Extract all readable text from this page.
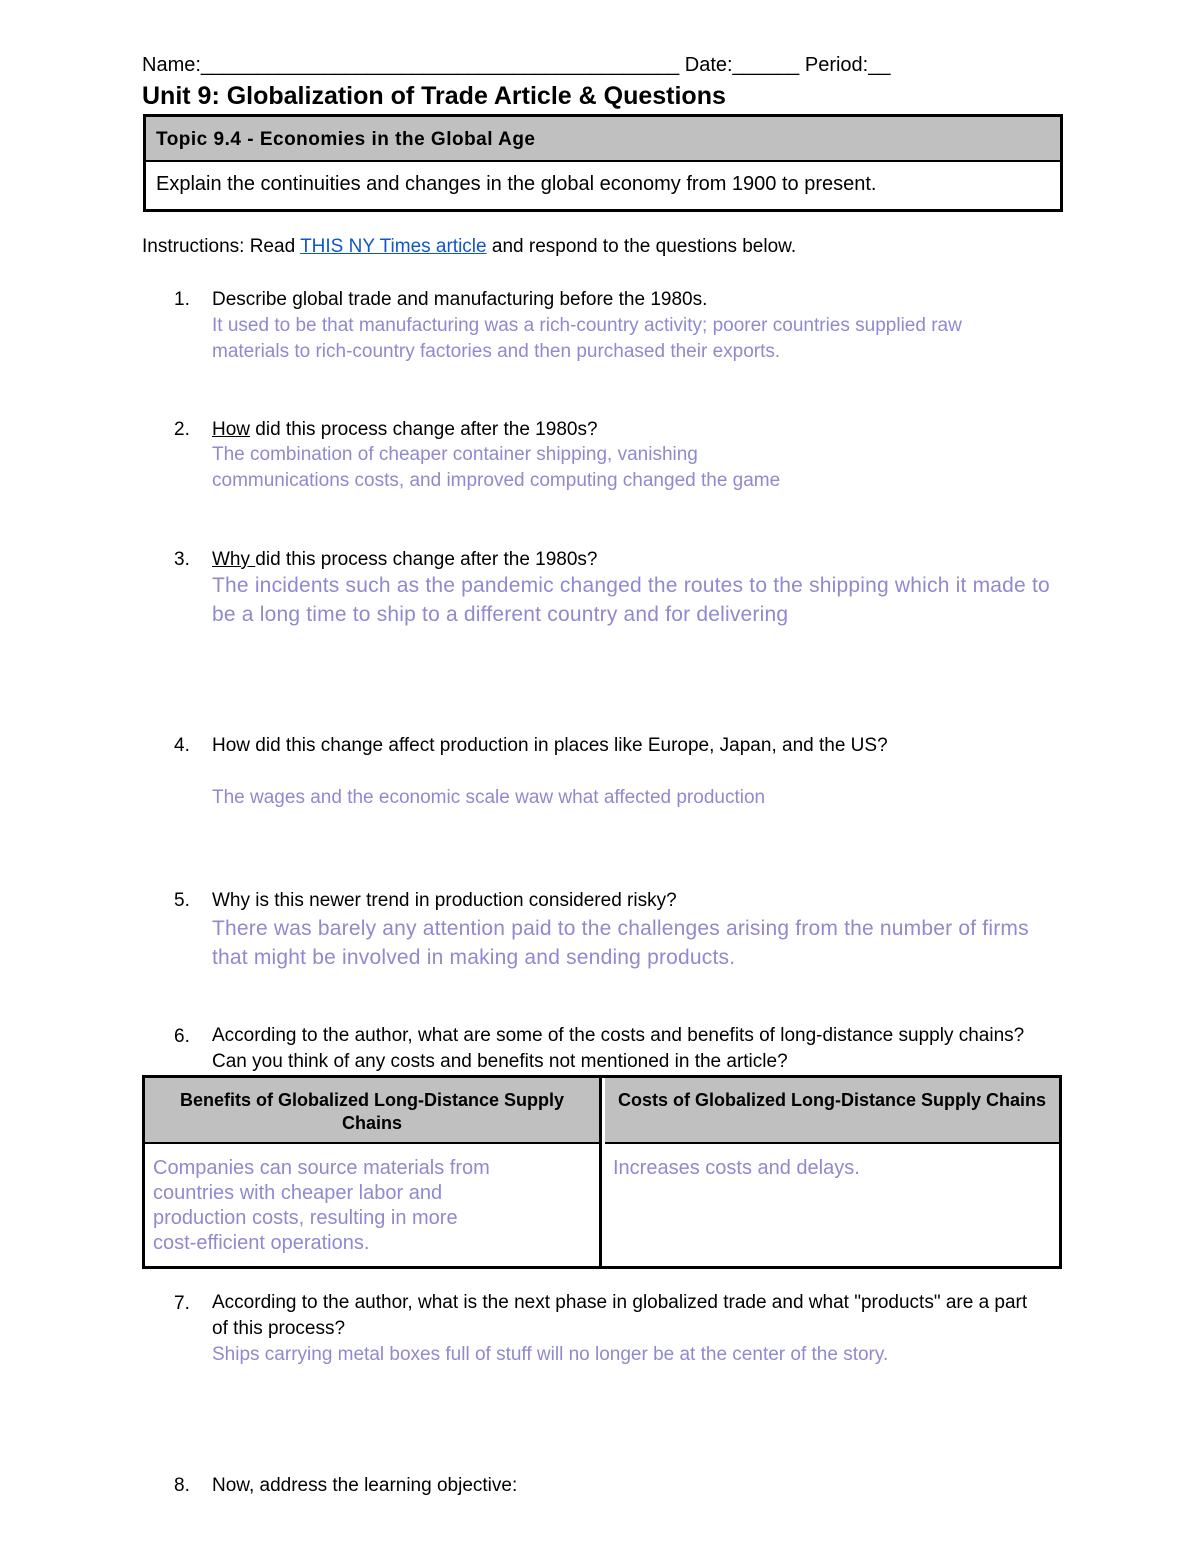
Name:___________________________________________ Date:______ Period:__
Unit 9: Globalization of Trade Article & Questions
Topic 9.4 - Economies in the Global Age
Explain the continuities and changes in the global economy from 1900 to present.
Instructions: Read THIS NY Times article and respond to the questions below.
1. Describe global trade and manufacturing before the 1980s.
It used to be that manufacturing was a rich-country activity; poorer countries supplied raw
materials to rich-country factories and then purchased their exports.
2. How did this process change after the 1980s?
The combination of cheaper container shipping, vanishing
communications costs, and improved computing changed the game
3. Why did this process change after the 1980s?
The incidents such as the pandemic changed the routes to the shipping which it made to
be a long time to ship to a different country and for delivering
4. How did this change affect production in places like Europe, Japan, and the US?
The wages and the economic scale waw what affected production
5. Why is this newer trend in production considered risky?
There was barely any attention paid to the challenges arising from the number of firms
that might be involved in making and sending products.
6. According to the author, what are some of the costs and benefits of long-distance supply chains?
Can you think of any costs and benefits not mentioned in the article?
Benefits of Globalized Long-Distance Supply Chains
Costs of Globalized Long-Distance Supply Chains
Companies can source materials from
countries with cheaper labor and
production costs, resulting in more
cost-efficient operations.
Increases costs and delays.
7. According to the author, what is the next phase in globalized trade and what "products" are a part
of this process?
Ships carrying metal boxes full of stuff will no longer be at the center of the story.
8. Now, address the learning objective:
